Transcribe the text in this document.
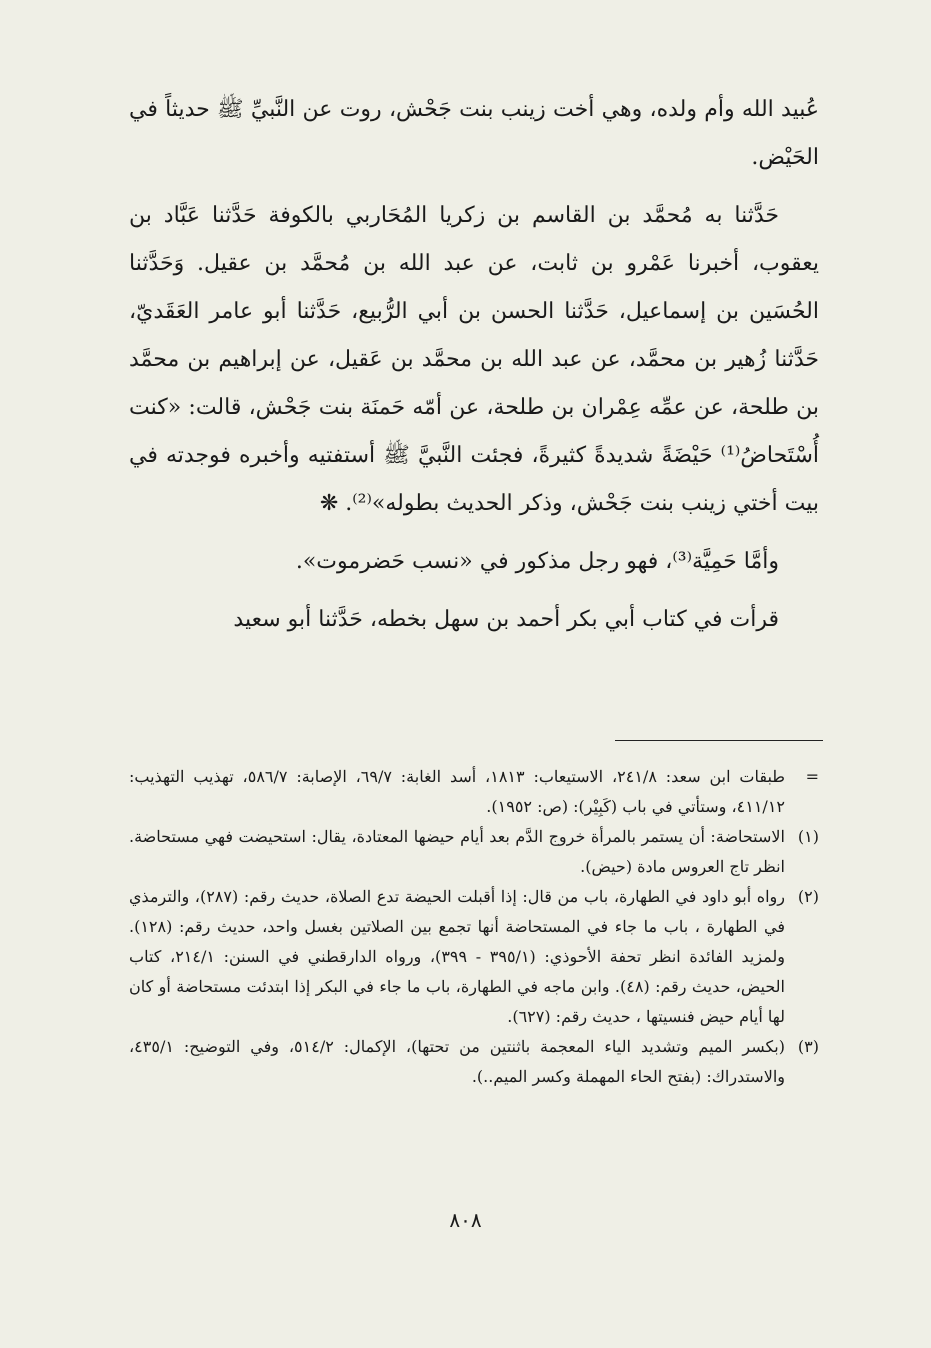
عُبيد الله وأم ولده، وهي أخت زينب بنت جَحْش، روت عن النَّبيِّ ﷺ حديثاً في الحَيْض.

حَدَّثنا به مُحمَّد بن القاسم بن زكريا المُحَاربي بالكوفة حَدَّثنا عَبَّاد بن يعقوب، أخبرنا عَمْرو بن ثابت، عن عبد الله بن مُحمَّد بن عقيل. وَحَدَّثنا الحُسَين بن إسماعيل، حَدَّثنا الحسن بن أبي الرُّبيع، حَدَّثنا أبو عامر العَقَديّ، حَدَّثنا زُهير بن محمَّد، عن عبد الله بن محمَّد بن عَقيل، عن إبراهيم بن محمَّد بن طلحة، عن عمِّه عِمْران بن طلحة، عن أمّه حَمنَة بنت جَحْش، قالت: «كنت أُسْتَحاضُ⁽¹⁾ حَيْضَةً شديدةً كثيرةً، فجئت النَّبيَّ ﷺ أستفتيه وأخبره فوجدته في بيت أختي زينب بنت جَحْش، وذكر الحديث بطوله»⁽²⁾. ❋

وأمَّا حَمِيَّة⁽³⁾، فهو رجل مذكور في «نسب حَضرموت».

قرأت في كتاب أبي بكر أحمد بن سهل بخطه، حَدَّثنا أبو سعيد

=
طبقات ابن سعد: ٢٤١/٨، الاستيعاب: ١٨١٣، أسد الغابة: ٦٩/٧، الإصابة: ٥٨٦/٧، تهذيب التهذيب: ٤١١/١٢، وستأتي في باب (كَبِيْر): (ص: ١٩٥٢).
(١)
الاستحاضة: أن يستمر بالمرأة خروج الدَّم بعد أيام حيضها المعتادة، يقال: استحيضت فهي مستحاضة. انظر تاج العروس مادة (حيض).
(٢)
رواه أبو داود في الطهارة، باب من قال: إذا أقبلت الحيضة تدع الصلاة، حديث رقم: (٢٨٧)، والترمذي في الطهارة ، باب ما جاء في المستحاضة أنها تجمع بين الصلاتين بغسل واحد، حديث رقم: (١٢٨). ولمزيد الفائدة انظر تحفة الأحوذي: (٣٩٥/١ - ٣٩٩)، ورواه الدارقطني في السنن: ٢١٤/١، كتاب الحيض، حديث رقم: (٤٨). وابن ماجه في الطهارة، باب ما جاء في البكر إذا ابتدئت مستحاضة أو كان لها أيام حيض فنسيتها ، حديث رقم: (٦٢٧).
(٣)
(بكسر الميم وتشديد الياء المعجمة باثنتين من تحتها)، الإكمال: ٥١٤/٢، وفي التوضيح: ٤٣٥/١، والاستدراك: (بفتح الحاء المهملة وكسر الميم..).
٨٠٨
